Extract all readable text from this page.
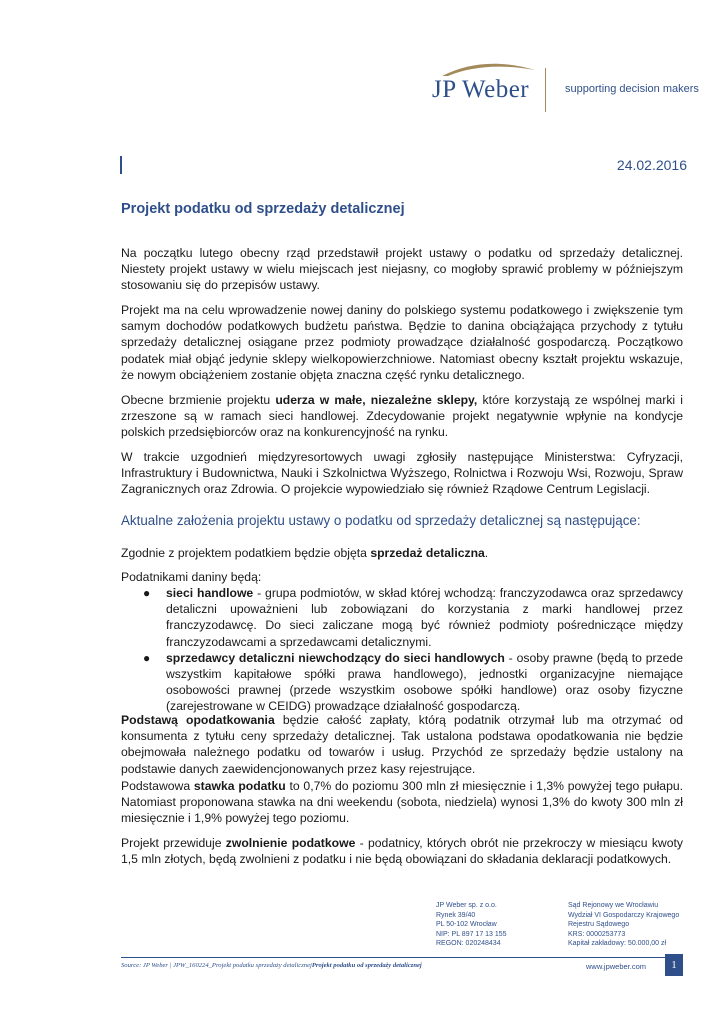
JP Weber	supporting decision makers
24.02.2016
Projekt podatku od sprzedaży detalicznej
Na początku lutego obecny rząd przedstawił projekt ustawy o podatku od sprzedaży detalicznej. Niestety projekt ustawy w wielu miejscach jest niejasny, co mogłoby sprawić problemy w późniejszym stosowaniu się do przepisów ustawy.
Projekt ma na celu wprowadzenie nowej daniny do polskiego systemu podatkowego i zwiększenie tym samym dochodów podatkowych budżetu państwa. Będzie to danina obciążająca przychody z tytułu sprzedaży detalicznej osiągane przez podmioty prowadzące działalność gospodarczą. Początkowo podatek miał objąć jedynie sklepy wielkopowierzchniowe. Natomiast obecny kształt projektu wskazuje, że nowym obciążeniem zostanie objęta znaczna część rynku detalicznego.
Obecne brzmienie projektu uderza w małe, niezależne sklepy, które korzystają ze wspólnej marki i zrzeszone są w ramach sieci handlowej. Zdecydowanie projekt negatywnie wpłynie na kondycje polskich przedsiębiorców oraz na konkurencyjność na rynku.
W trakcie uzgodnień międzyresortowych uwagi zgłosiły następujące Ministerstwa: Cyfryzacji, Infrastruktury i Budownictwa, Nauki i Szkolnictwa Wyższego, Rolnictwa i Rozwoju Wsi, Rozwoju, Spraw Zagranicznych oraz Zdrowia. O projekcie wypowiedziało się również Rządowe Centrum Legislacji.
Aktualne założenia projektu ustawy o podatku od sprzedaży detalicznej są następujące:
Zgodnie z projektem podatkiem będzie objęta sprzedaż detaliczna.
Podatnikami daniny będą:
● sieci handlowe - grupa podmiotów, w skład której wchodzą: franczyzodawca oraz sprzedawcy detaliczni upoważnieni lub zobowiązani do korzystania z marki handlowej przez franczyzodawcę. Do sieci zaliczane mogą być również podmioty pośredniczące między franczyzodawcami a sprzedawcami detalicznymi.
● sprzedawcy detaliczni niewchodzący do sieci handlowych - osoby prawne (będą to przede wszystkim kapitałowe spółki prawa handlowego), jednostki organizacyjne niemające osobowości prawnej (przede wszystkim osobowe spółki handlowe) oraz osoby fizyczne (zarejestrowane w CEIDG) prowadzące działalność gospodarczą.
Podstawą opodatkowania będzie całość zapłaty, którą podatnik otrzymał lub ma otrzymać od konsumenta z tytułu ceny sprzedaży detalicznej. Tak ustalona podstawa opodatkowania nie będzie obejmowała należnego podatku od towarów i usług. Przychód ze sprzedaży będzie ustalony na podstawie danych zaewidencjonowanych przez kasy rejestrujące.
Podstawowa stawka podatku to 0,7% do poziomu 300 mln zł miesięcznie i 1,3% powyżej tego pułapu. Natomiast proponowana stawka na dni weekendu (sobota, niedziela) wynosi 1,3% do kwoty 300 mln zł miesięcznie i 1,9% powyżej tego poziomu.
Projekt przewiduje zwolnienie podatkowe - podatnicy, których obrót nie przekroczy w miesiącu kwoty 1,5 mln złotych, będą zwolnieni z podatku i nie będą obowiązani do składania deklaracji podatkowych.
JP Weber sp. z o.o.
Rynek 39/40
PL 50-102 Wrocław
NIP: PL 897 17 13 155
REGON: 020248434
Sąd Rejonowy we Wrocławiu
Wydział VI Gospodarczy Krajowego
Rejestru Sądowego
KRS: 0000253773
Kapitał zakładowy: 50.000,00 zł
Source: JP Weber | JPW_160224_Projekt podatku sprzedaży detalicznejProjekt podatku od sprzedaży detalicznej	www.jpweber.com	1
